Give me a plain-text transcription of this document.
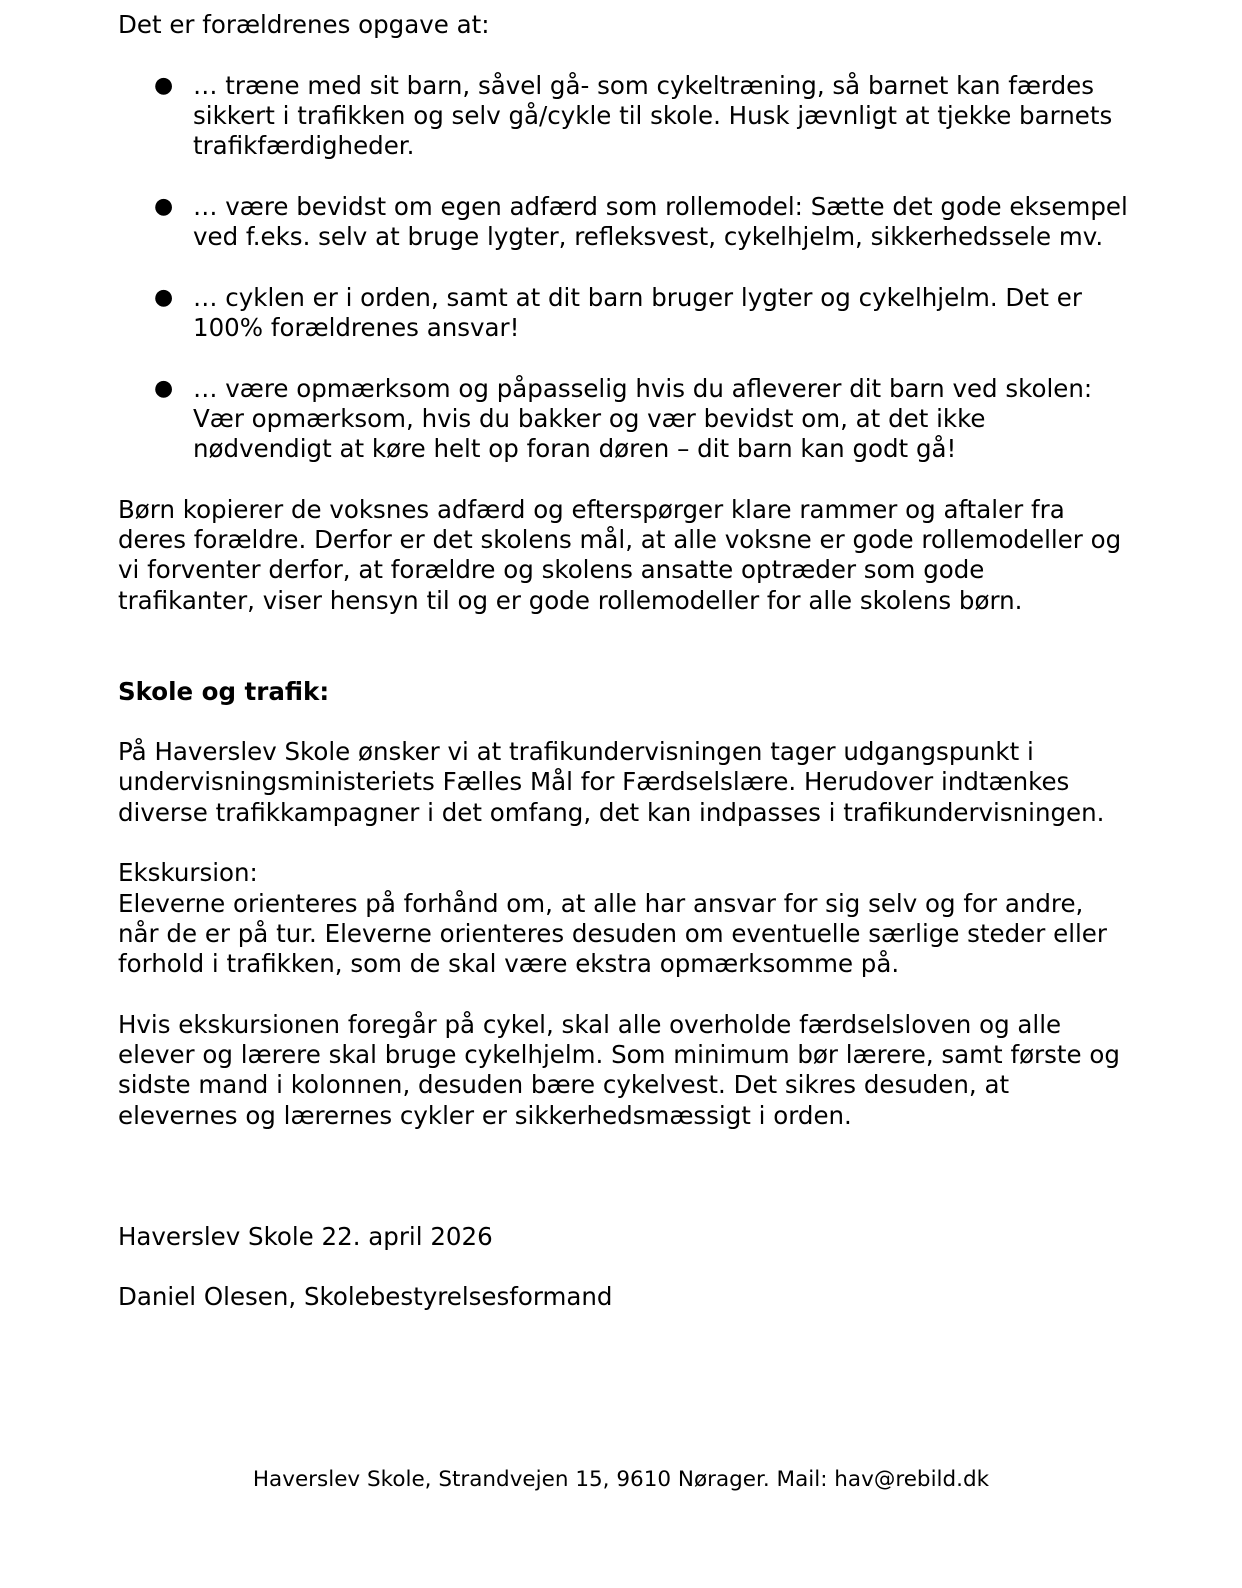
Det er forældrenes opgave at:

● … træne med sit barn, såvel gå- som cykeltræning, så barnet kan færdes sikkert i trafikken og selv gå/cykle til skole. Husk jævnligt at tjekke barnets trafikfærdigheder.
● … være bevidst om egen adfærd som rollemodel: Sætte det gode eksempel ved f.eks. selv at bruge lygter, refleksvest, cykelhjelm, sikkerhedssele mv.
● … cyklen er i orden, samt at dit barn bruger lygter og cykelhjelm. Det er 100% forældrenes ansvar!
● … være opmærksom og påpasselig hvis du afleverer dit barn ved skolen: Vær opmærksom, hvis du bakker og vær bevidst om, at det ikke nødvendigt at køre helt op foran døren – dit barn kan godt gå!

Børn kopierer de voksnes adfærd og efterspørger klare rammer og aftaler fra deres forældre. Derfor er det skolens mål, at alle voksne er gode rollemodeller og vi forventer derfor, at forældre og skolens ansatte optræder som gode trafikanter, viser hensyn til og er gode rollemodeller for alle skolens børn.

Skole og trafik:

På Haverslev Skole ønsker vi at trafikundervisningen tager udgangspunkt i undervisningsministeriets Fælles Mål for Færdselslære. Herudover indtænkes diverse trafikkampagner i det omfang, det kan indpasses i trafikundervisningen.

Ekskursion:

Eleverne orienteres på forhånd om, at alle har ansvar for sig selv og for andre, når de er på tur. Eleverne orienteres desuden om eventuelle særlige steder eller forhold i trafikken, som de skal være ekstra opmærksomme på.

Hvis ekskursionen foregår på cykel, skal alle overholde færdselsloven og alle elever og lærere skal bruge cykelhjelm. Som minimum bør lærere, samt første og sidste mand i kolonnen, desuden bære cykelvest. Det sikres desuden, at elevernes og lærernes cykler er sikkerhedsmæssigt i orden.

Haverslev Skole 22. april 2026

Daniel Olesen, Skolebestyrelsesformand

Haverslev Skole, Strandvejen 15, 9610 Nørager. Mail: hav@rebild.dk
